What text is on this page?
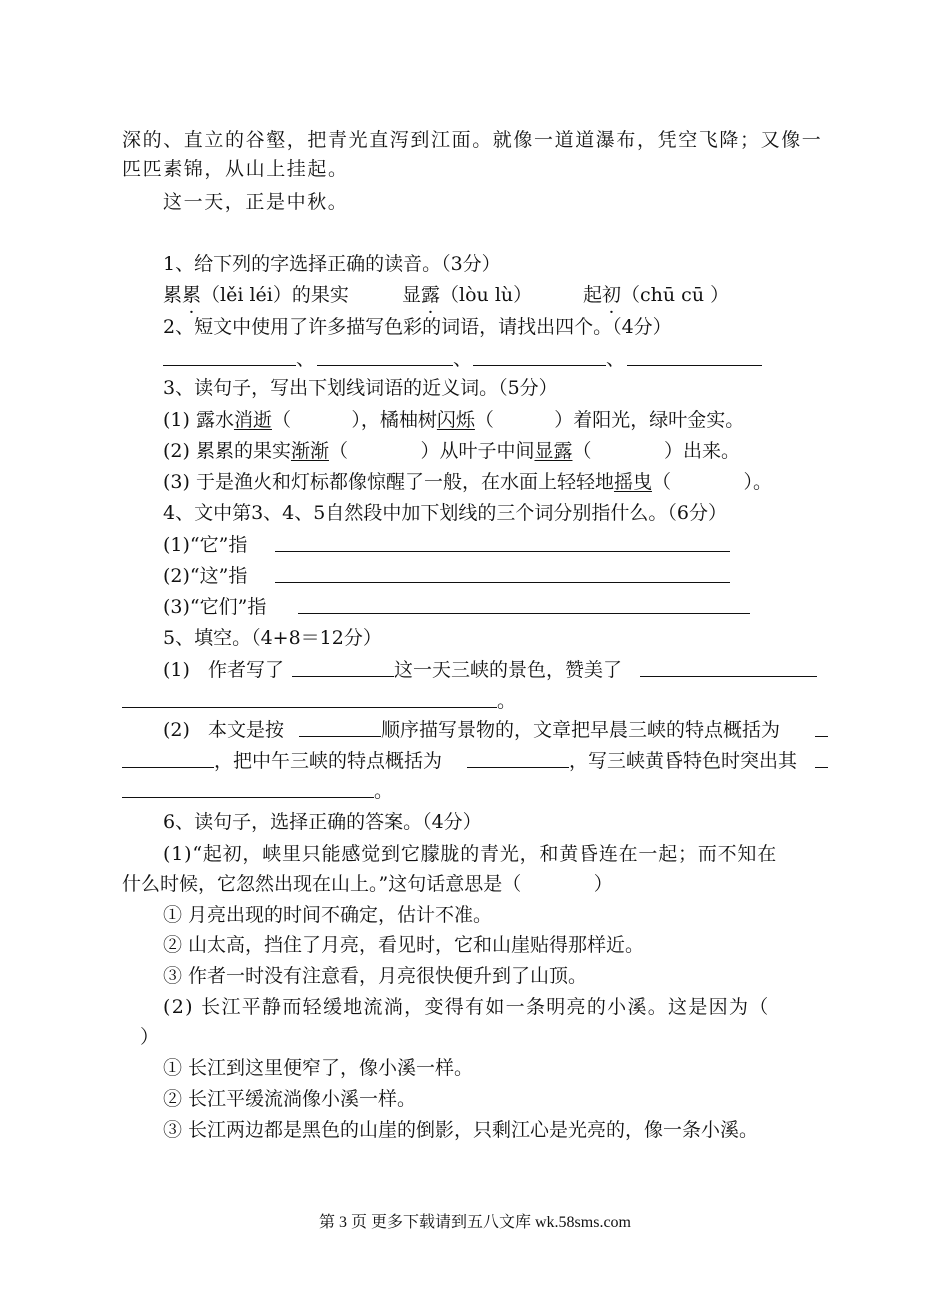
深的、直立的谷壑，把青光直泻到江面。就像一道道瀑布，凭空飞降；又像一

匹匹素锦，从山上挂起。

这一天，正是中秋。

1、给下列的字选择正确的读音。（3分）

累累（lěi léi）的果实

	显露（lòu lù）

	起初（chū cū ）

2、短文中使用了许多描写色彩的词语，请找出四个。（4分）

、

	、

	、

3、读句子，写出下划线词语的近义词。（5分）

(1) 露水消逝（          ），橘柚树闪烁（          ）着阳光，绿叶金实。

(2) 累累的果实渐渐（            ）从叶子中间显露（            ）出来。

(3) 于是渔火和灯标都像惊醒了一般，在水面上轻轻地摇曳（            ）。

4、文中第3、4、5自然段中加下划线的三个词分别指什么。（6分）

(1)“它”指

(2)“这”指

(3)“它们”指

5、填空。（4+8＝12分）

(1)   作者写了

	这一天三峡的景色，赞美了

。

(2)   本文是按

	顺序描写景物的，文章把早晨三峡的特点概括为

，把中午三峡的特点概括为

	，写三峡黄昏特色时突出其

。

6、读句子，选择正确的答案。（4分）

(1)“起初，峡里只能感觉到它朦胧的青光，和黄昏连在一起；而不知在

什么时候，它忽然出现在山上。”这句话意思是（            ）

① 月亮出现的时间不确定，估计不准。

② 山太高，挡住了月亮，看见时，它和山崖贴得那样近。

③ 作者一时没有注意看，月亮很快便升到了山顶。

(2) 长江平静而轻缓地流淌，变得有如一条明亮的小溪。这是因为（

）

① 长江到这里便窄了，像小溪一样。

② 长江平缓流淌像小溪一样。

③ 长江两边都是黑色的山崖的倒影，只剩江心是光亮的，像一条小溪。

第 3 页 更多下载请到五八文库 wk.58sms.com
